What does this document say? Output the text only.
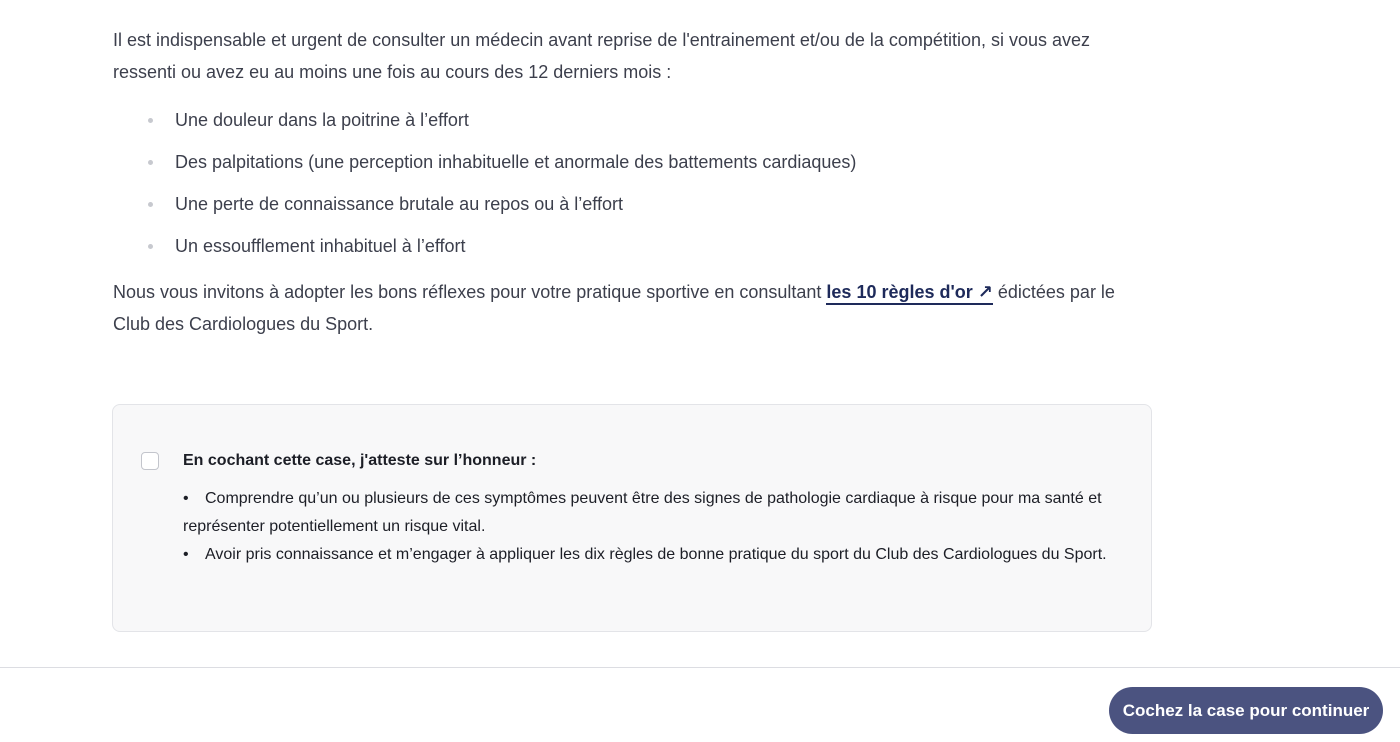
Il est indispensable et urgent de consulter un médecin avant reprise de l'entrainement et/ou de la compétition, si vous avez ressenti ou avez eu au moins une fois au cours des 12 derniers mois :

Une douleur dans la poitrine à l’effort
Des palpitations (une perception inhabituelle et anormale des battements cardiaques)
Une perte de connaissance brutale au repos ou à l’effort
Un essoufflement inhabituel à l’effort

Nous vous invitons à adopter les bons réflexes pour votre pratique sportive en consultant les 10 règles d'or ↗ édictées par le Club des Cardiologues du Sport.

En cochant cette case, j'atteste sur l’honneur :

• Comprendre qu’un ou plusieurs de ces symptômes peuvent être des signes de pathologie cardiaque à risque pour ma santé et représenter potentiellement un risque vital.

• Avoir pris connaissance et m’engager à appliquer les dix règles de bonne pratique du sport du Club des Cardiologues du Sport.

Cochez la case pour continuer
